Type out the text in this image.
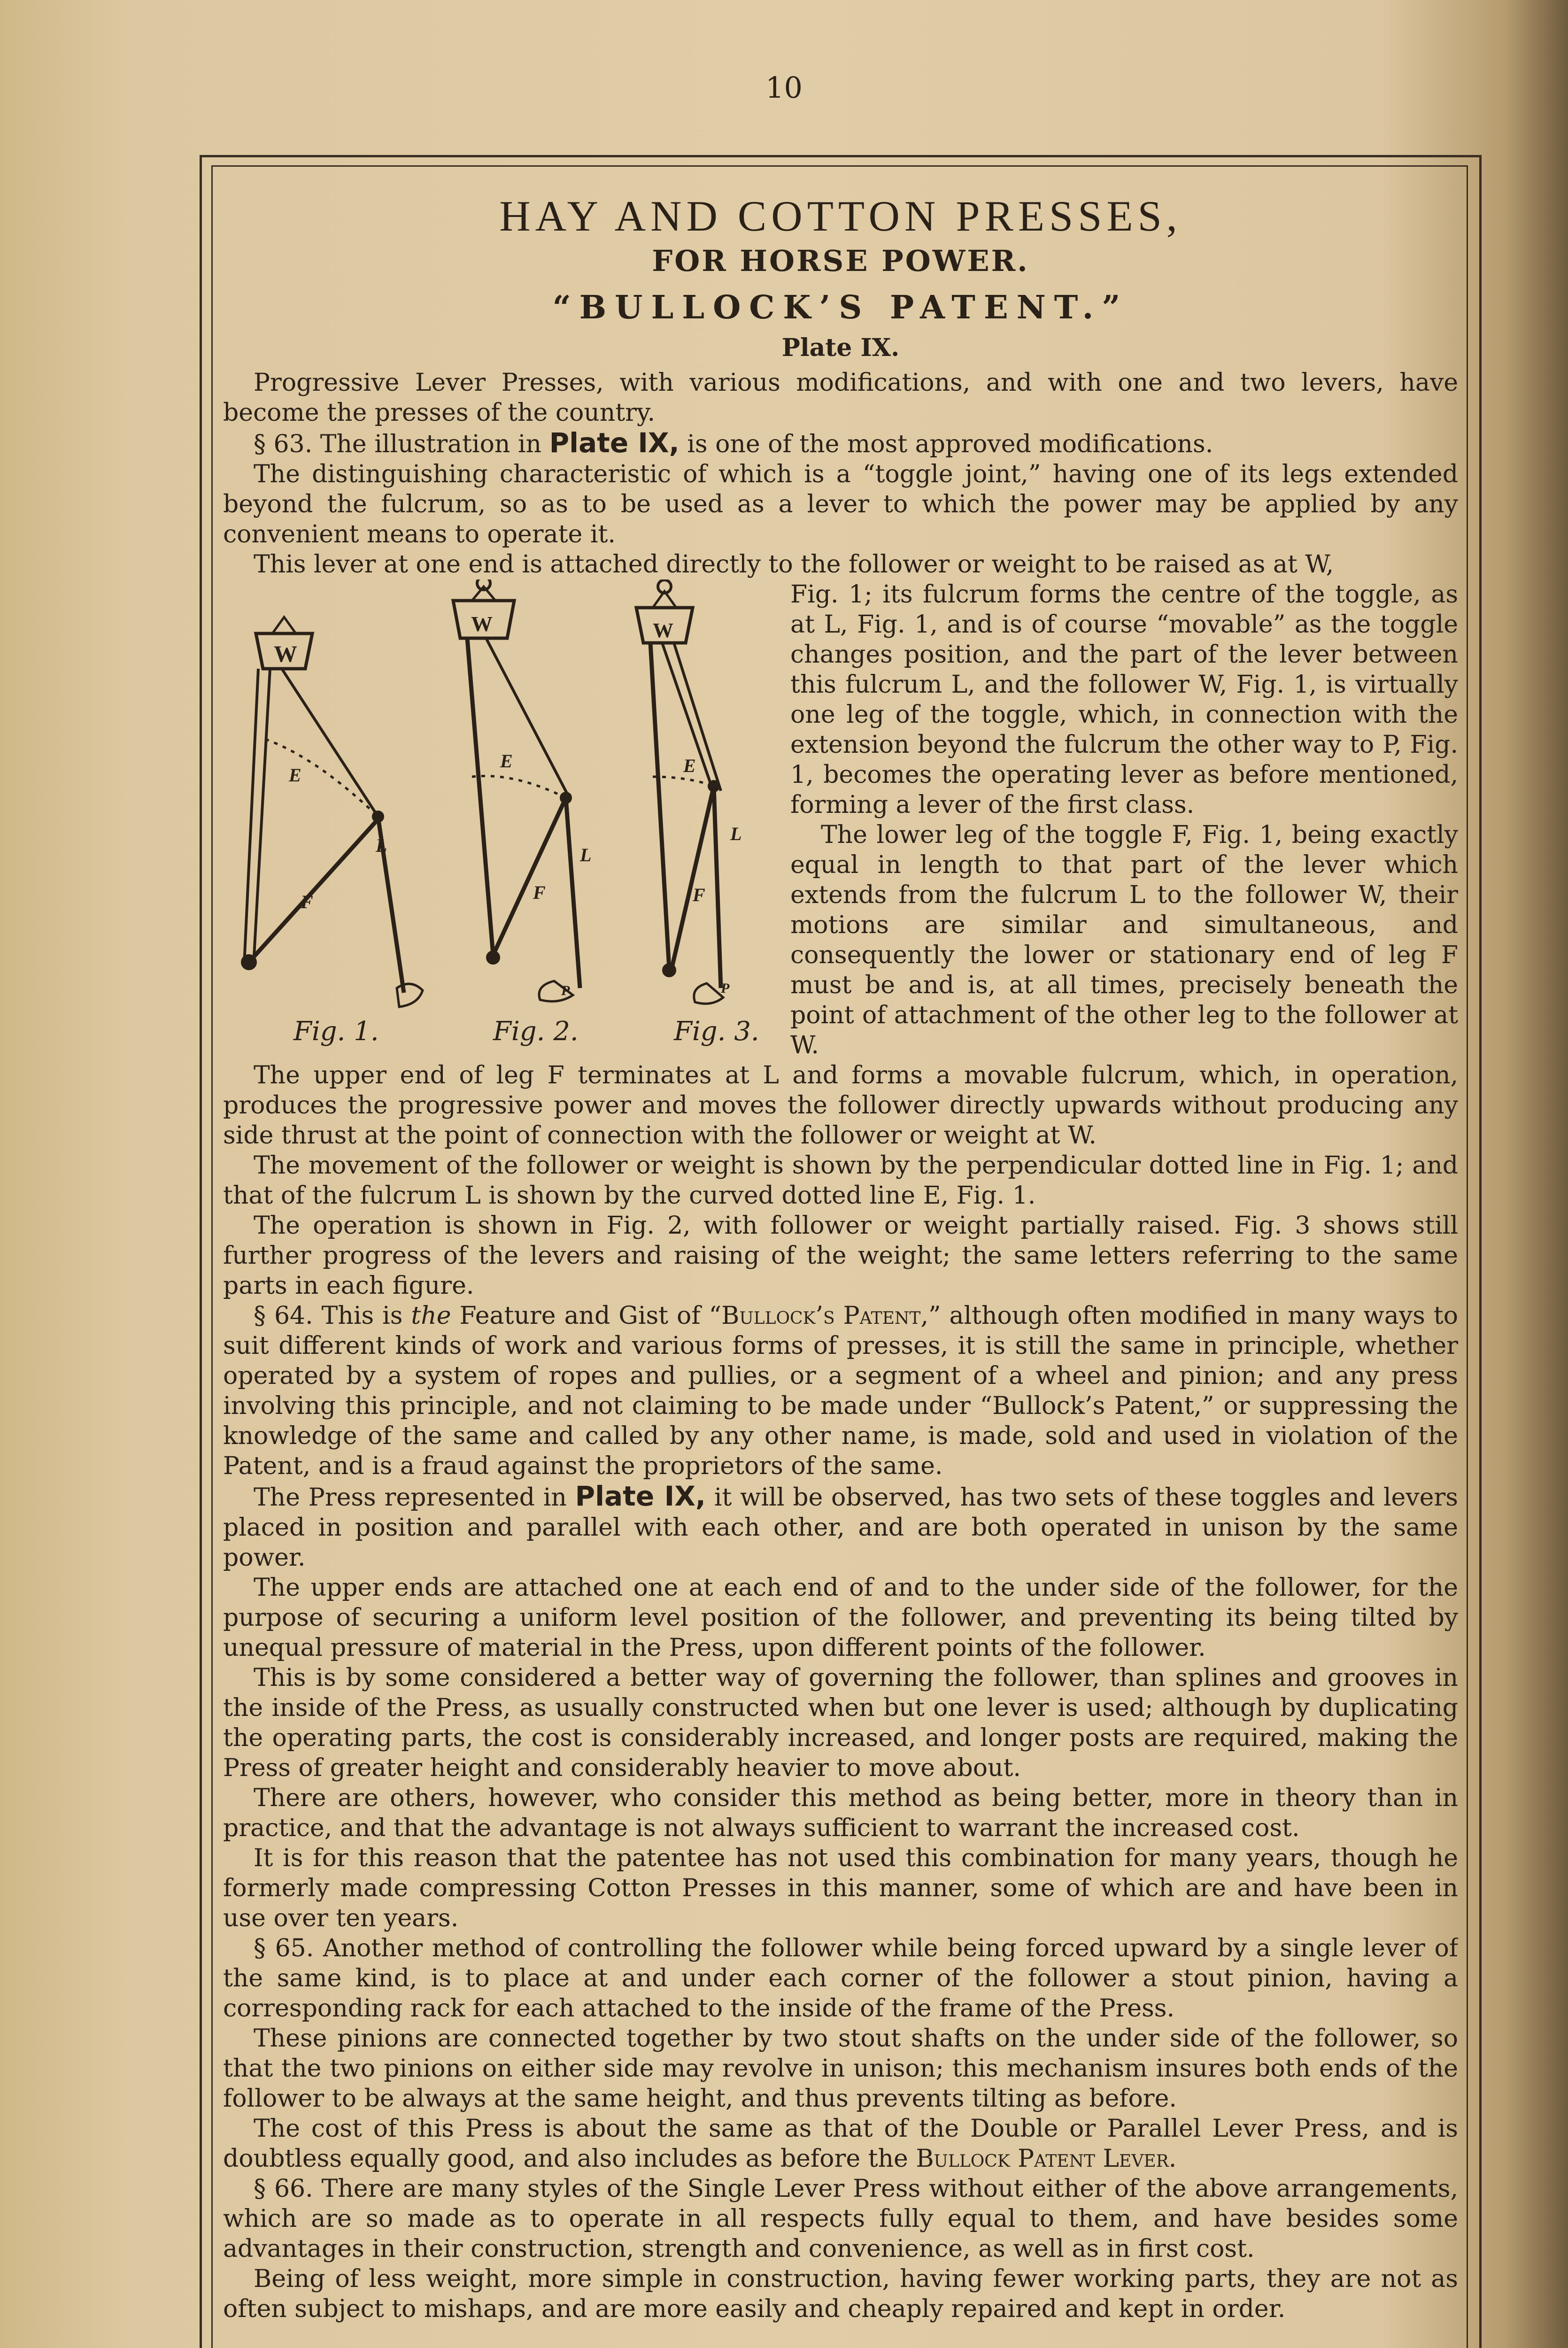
10
HAY AND COTTON PRESSES,
FOR HORSE POWER.
“BULLOCK’S PATENT.”
Plate IX.

Progressive Lever Presses, with various modifications, and with one and two levers, have become the presses of the country.

§ 63. The illustration in Plate IX, is one of the most approved modifications.

The distinguishing characteristic of which is a “toggle joint,” having one of its legs extended beyond the fulcrum, so as to be used as a lever to which the power may be applied by any convenient means to operate it.

This lever at one end is attached directly to the follower or weight to be raised as at W,

W
W	W
E
L
F
E
L
F
P
E
L
F
P
Fig. 1.	Fig. 2.	Fig. 3.

Fig. 1; its fulcrum forms the centre of the toggle, as at L, Fig. 1, and is of course “movable” as the toggle changes position, and the part of the lever between this fulcrum L, and the follower W, Fig. 1, is virtually one leg of the toggle, which, in connection with the extension beyond the fulcrum the other way to P, Fig. 1, becomes the operating lever as before mentioned, forming a lever of the first class.

The lower leg of the toggle F, Fig. 1, being exactly equal in length to that part of the lever which extends from the fulcrum L to the follower W, their motions are similar and simultaneous, and consequently the lower or stationary end of leg F must be and is, at all times, precisely beneath the point of attachment of the other leg to the follower at W.

The upper end of leg F terminates at L and forms a movable fulcrum, which, in operation, produces the progressive power and moves the follower directly upwards without producing any side thrust at the point of connection with the follower or weight at W.

The movement of the follower or weight is shown by the perpendicular dotted line in Fig. 1; and that of the fulcrum L is shown by the curved dotted line E, Fig. 1.

The operation is shown in Fig. 2, with follower or weight partially raised. Fig. 3 shows still further progress of the levers and raising of the weight; the same letters referring to the same parts in each figure.

§ 64. This is the Feature and Gist of “Bullock’s Patent,” although often modified in many ways to suit different kinds of work and various forms of presses, it is still the same in principle, whether operated by a system of ropes and pullies, or a segment of a wheel and pinion; and any press involving this principle, and not claiming to be made under “Bullock’s Patent,” or suppressing the knowledge of the same and called by any other name, is made, sold and used in violation of the Patent, and is a fraud against the proprietors of the same.

The Press represented in Plate IX, it will be observed, has two sets of these toggles and levers placed in position and parallel with each other, and are both operated in unison by the same power.

The upper ends are attached one at each end of and to the under side of the follower, for the purpose of securing a uniform level position of the follower, and preventing its being tilted by unequal pressure of material in the Press, upon different points of the follower.

This is by some considered a better way of governing the follower, than splines and grooves in the inside of the Press, as usually constructed when but one lever is used; although by duplicating the operating parts, the cost is considerably increased, and longer posts are required, making the Press of greater height and considerably heavier to move about.

There are others, however, who consider this method as being better, more in theory than in practice, and that the advantage is not always sufficient to warrant the increased cost.

It is for this reason that the patentee has not used this combination for many years, though he formerly made compressing Cotton Presses in this manner, some of which are and have been in use over ten years.

§ 65. Another method of controlling the follower while being forced upward by a single lever of the same kind, is to place at and under each corner of the follower a stout pinion, having a corresponding rack for each attached to the inside of the frame of the Press.

These pinions are connected together by two stout shafts on the under side of the follower, so that the two pinions on either side may revolve in unison; this mechanism insures both ends of the follower to be always at the same height, and thus prevents tilting as before.

The cost of this Press is about the same as that of the Double or Parallel Lever Press, and is doubtless equally good, and also includes as before the Bullock Patent Lever.

§ 66. There are many styles of the Single Lever Press without either of the above arrangements, which are so made as to operate in all respects fully equal to them, and have besides some advantages in their construction, strength and convenience, as well as in first cost.

Being of less weight, more simple in construction, having fewer working parts, they are not as often subject to mishaps, and are more easily and cheaply repaired and kept in order.
